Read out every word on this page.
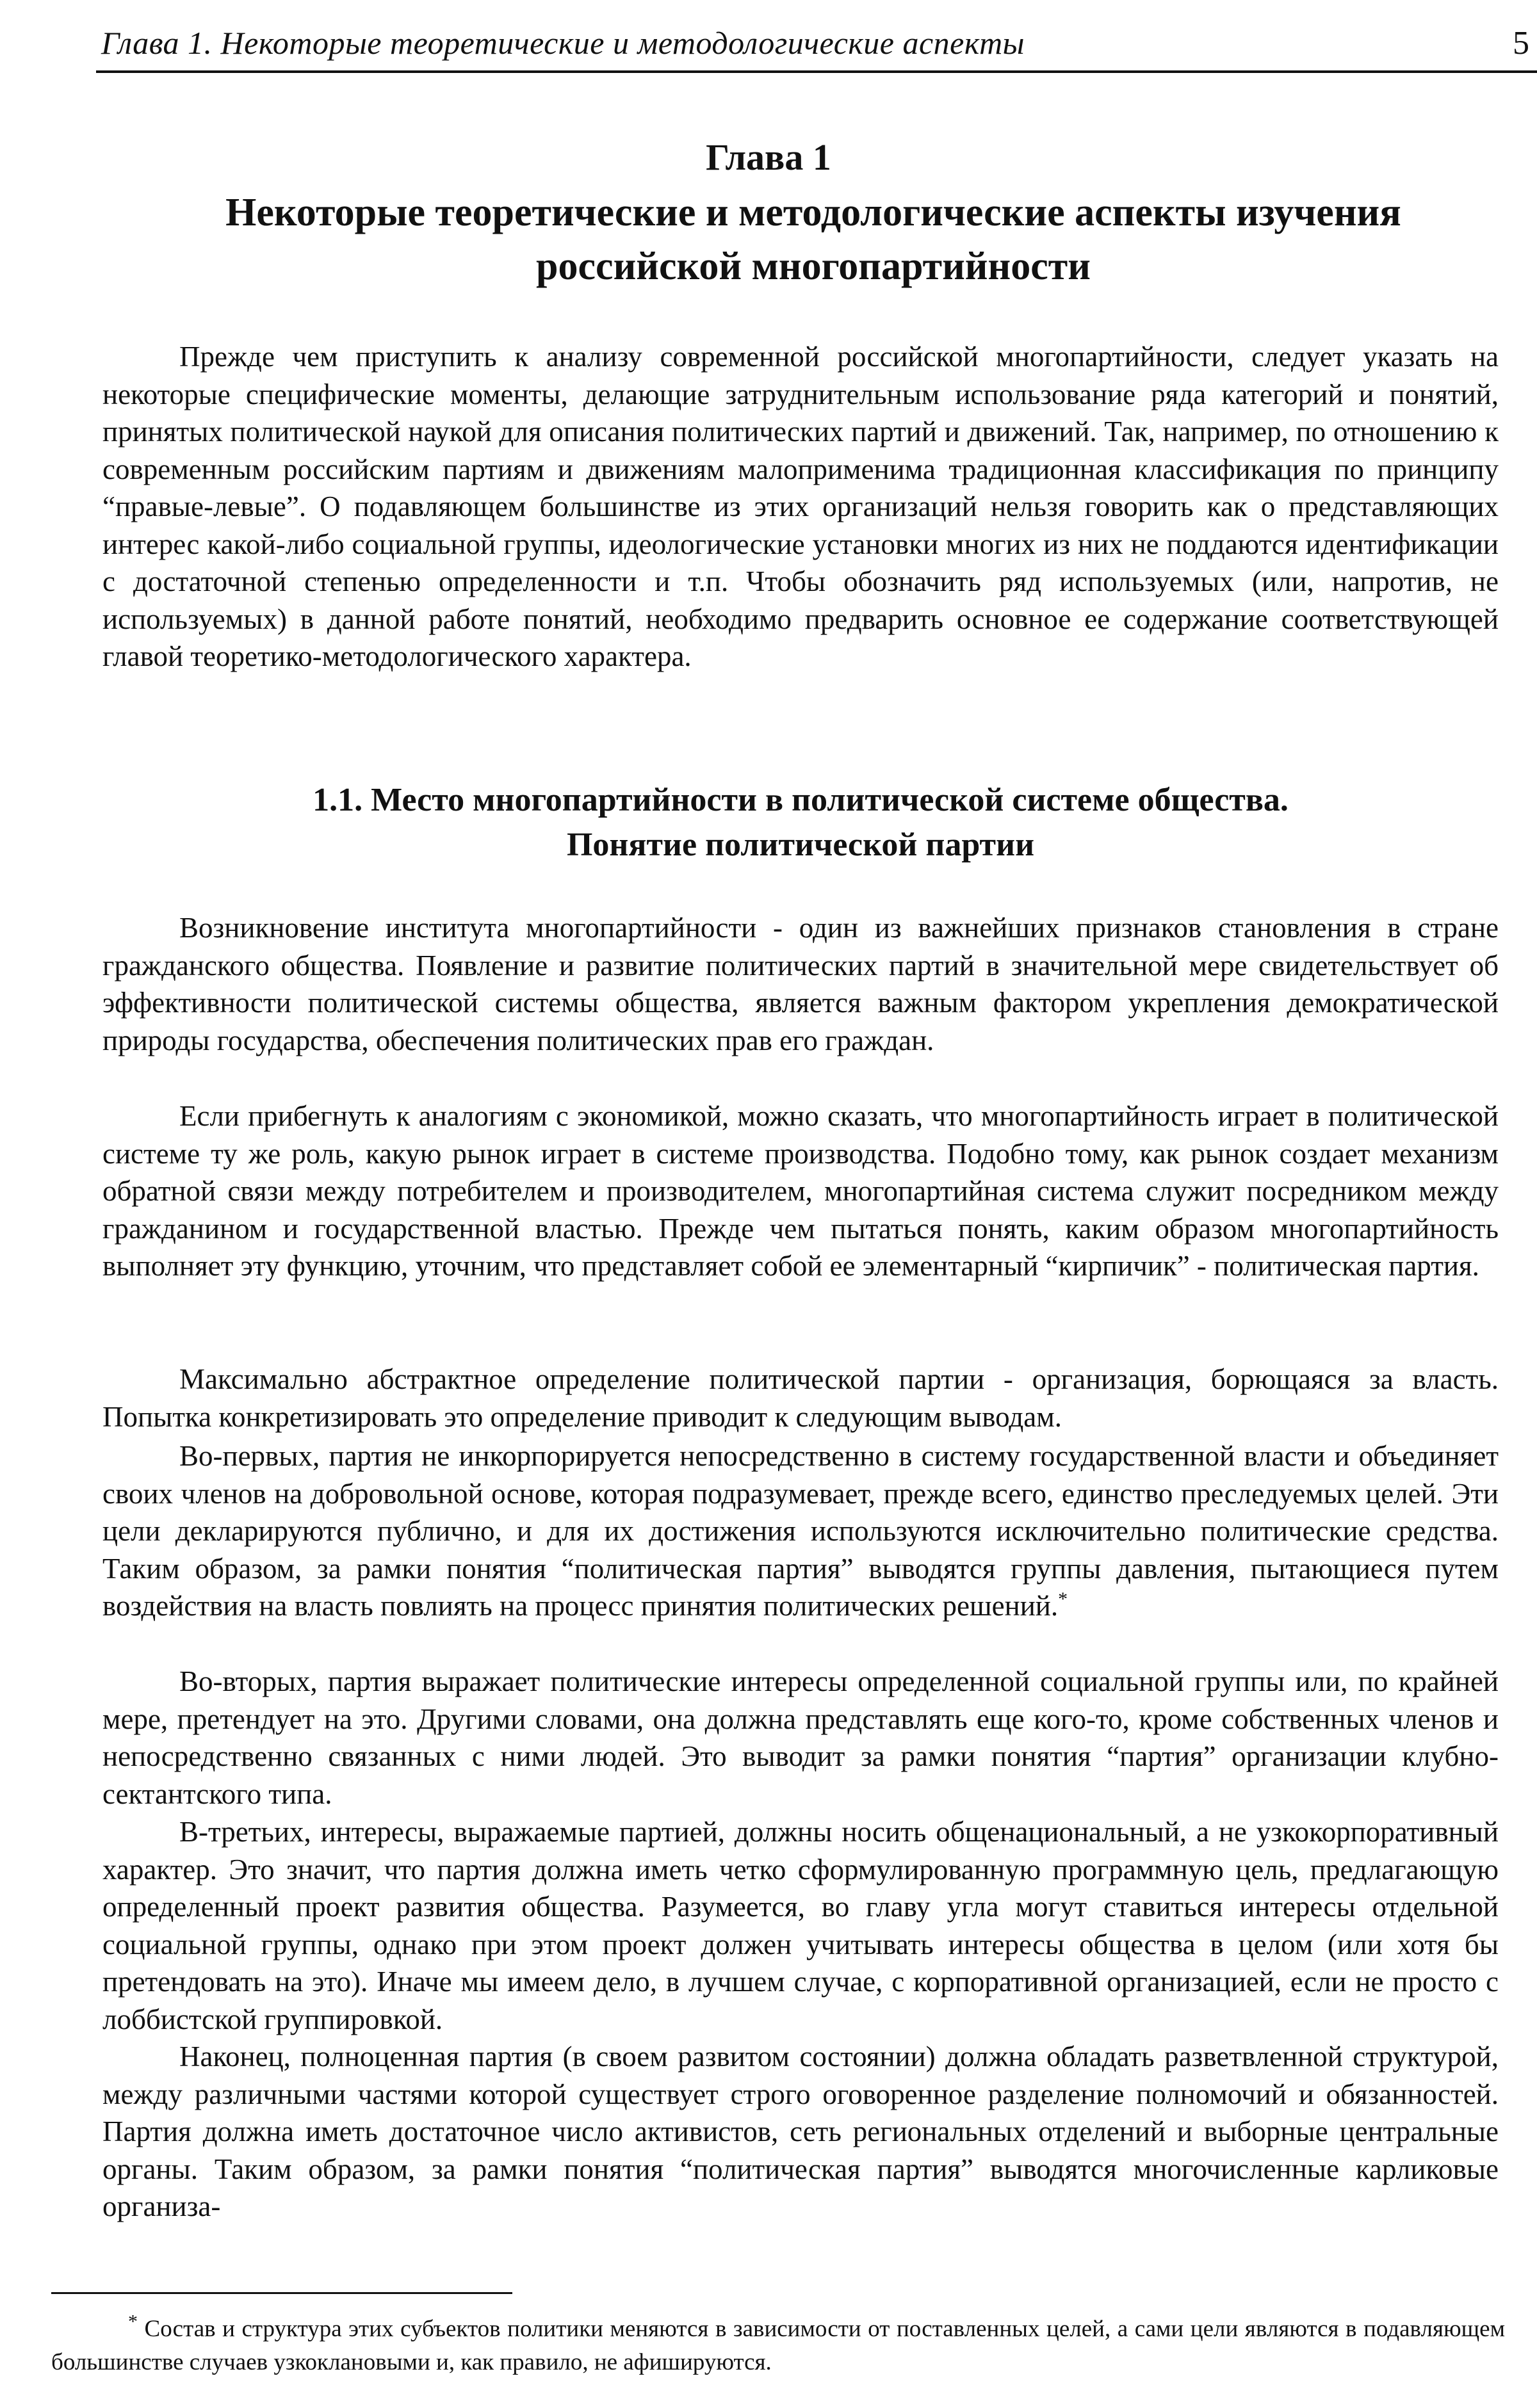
Глава 1. Некоторые теоретические и методологические аспекты	5
Глава 1
Некоторые теоретические и методологические аспекты изучения российской многопартийности

Прежде чем приступить к анализу современной российской многопартийности, следует указать на некоторые специфические моменты, делающие затруднительным использование ряда категорий и понятий, принятых политической наукой для описания политических партий и движений. Так, например, по отношению к современным российским партиям и движениям малоприменима традиционная классификация по принципу “правые-левые”. О подавляющем большинстве из этих организаций нельзя говорить как о представляющих интерес какой-либо социальной группы, идеологические установки многих из них не поддаются идентификации с достаточной степенью определенности и т.п. Чтобы обозначить ряд используемых (или, напротив, не используемых) в данной работе понятий, необходимо предварить основное ее содержание соответствующей главой теоретико-методологического характера.

1.1. Место многопартийности в политической системе общества.
Понятие политической партии

Возникновение института многопартийности - один из важнейших признаков становления в стране гражданского общества. Появление и развитие политических партий в значительной мере свидетельствует об эффективности политической системы общества, является важным фактором укрепления демократической природы государства, обеспечения политических прав его граждан.

Если прибегнуть к аналогиям с экономикой, можно сказать, что многопартийность играет в политической системе ту же роль, какую рынок играет в системе производства. Подобно тому, как рынок создает механизм обратной связи между потребителем и производителем, многопартийная система служит посредником между гражданином и государственной властью. Прежде чем пытаться понять, каким образом многопартийность выполняет эту функцию, уточним, что представляет собой ее элементарный “кирпичик” - политическая партия.

Максимально абстрактное определение политической партии - организация, борющаяся за власть. Попытка конкретизировать это определение приводит к следующим выводам.

Во-первых, партия не инкорпорируется непосредственно в систему государственной власти и объединяет своих членов на добровольной основе, которая подразумевает, прежде всего, единство преследуемых целей. Эти цели декларируются публично, и для их достижения используются исключительно политические средства. Таким образом, за рамки понятия “политическая партия” выводятся группы давления, пытающиеся путем воздействия на власть повлиять на процесс принятия политических решений.*

Во-вторых, партия выражает политические интересы определенной социальной группы или, по крайней мере, претендует на это. Другими словами, она должна представлять еще кого-то, кроме собственных членов и непосредственно связанных с ними людей. Это выводит за рамки понятия “партия” организации клубно-сектантского типа.

В-третьих, интересы, выражаемые партией, должны носить общенациональный, а не узкокорпоративный характер. Это значит, что партия должна иметь четко сформулированную программную цель, предлагающую определенный проект развития общества. Разумеется, во главу угла могут ставиться интересы отдельной социальной группы, однако при этом проект должен учитывать интересы общества в целом (или хотя бы претендовать на это). Иначе мы имеем дело, в лучшем случае, с корпоративной организацией, если не просто с лоббистской группировкой.

Наконец, полноценная партия (в своем развитом состоянии) должна обладать разветвленной структурой, между различными частями которой существует строго оговоренное разделение полномочий и обязанностей. Партия должна иметь достаточное число активистов, сеть региональных отделений и выборные центральные органы. Таким образом, за рамки понятия “политическая партия” выводятся многочисленные карликовые организа-

* Состав и структура этих субъектов политики меняются в зависимости от поставленных целей, а сами цели являются в подавляющем большинстве случаев узкоклановыми и, как правило, не афишируются.
